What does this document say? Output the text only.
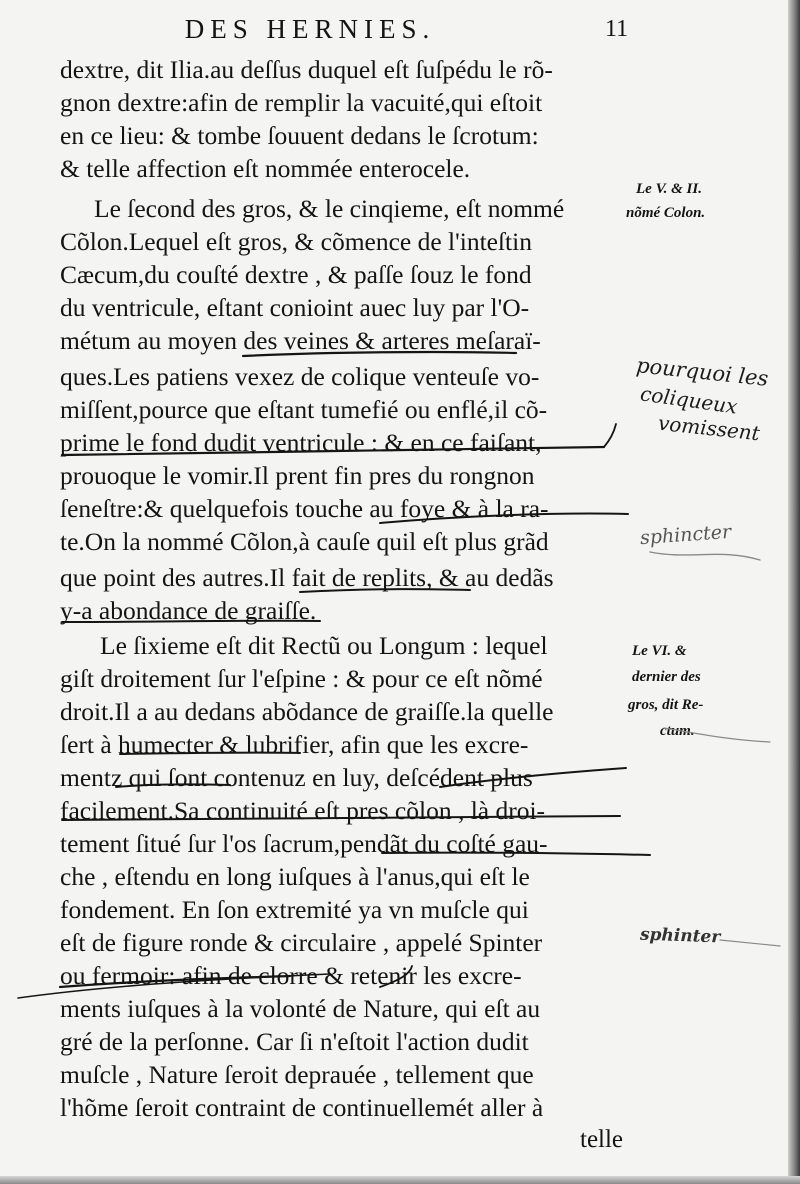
DES HERNIES.	11
dextre, dit Ilia.au deſſus duquel eſt ſuſpédu le rõ-
gnon dextre:afin de remplir la vacuité,qui eſtoit
en ce lieu: & tombe ſouuent dedans le ſcrotum:
& telle affection eſt nommée enterocele.
Le ſecond des gros, & le cinqieme, eſt nommé
Cõlon.Lequel eſt gros, & cõmence de l'inteſtin
Cæcum,du couſté dextre , & paſſe ſouz le fond
du ventricule, eſtant conioint auec luy par l'O-
métum au moyen des veines & arteres meſaraï-
ques.Les patiens vexez de colique venteuſe vo-
miſſent,pource que eſtant tumefié ou enflé,il cõ-
prime le fond dudit ventricule : & en ce faiſant,
prouoque le vomir.Il prent fin pres du rongnon
ſeneſtre:& quelquefois touche au foye & à la ra-
te.On la nommé Cõlon,à cauſe quil eſt plus grãd
que point des autres.Il fait de replits, & au dedãs
y-a abondance de graiſſe.
Le ſixieme eſt dit Rectũ ou Longum : lequel
giſt droitement ſur l'eſpine : & pour ce eſt nõmé
droit.Il a au dedans abõdance de graiſſe.la quelle
ſert à humecter & lubrifier, afin que les excre-
mentz qui ſont contenuz en luy, deſcédent plus
facilement.Sa continuité eſt pres cõlon , là droi-
tement ſitué ſur l'os ſacrum,pendãt du coſté gau-
che , eſtendu en long iuſques à l'anus,qui eſt le
fondement. En ſon extremité ya vn muſcle qui
eſt de figure ronde & circulaire , appelé Spinter
ou fermoir: afin de clorre & retenir les excre-
ments iuſques à la volonté de Nature, qui eſt au
gré de la perſonne. Car ſi n'eſtoit l'action dudit
muſcle , Nature ſeroit deprauée , tellement que
l'hõme ſeroit contraint de continuellemét aller à
telle
Le V. & II.
nõmé Colon.
Le VI. &
dernier des
gros, dit Re-
ctum.
pourquoi les
coliqueux
vomissent
sphincter
sphinter
